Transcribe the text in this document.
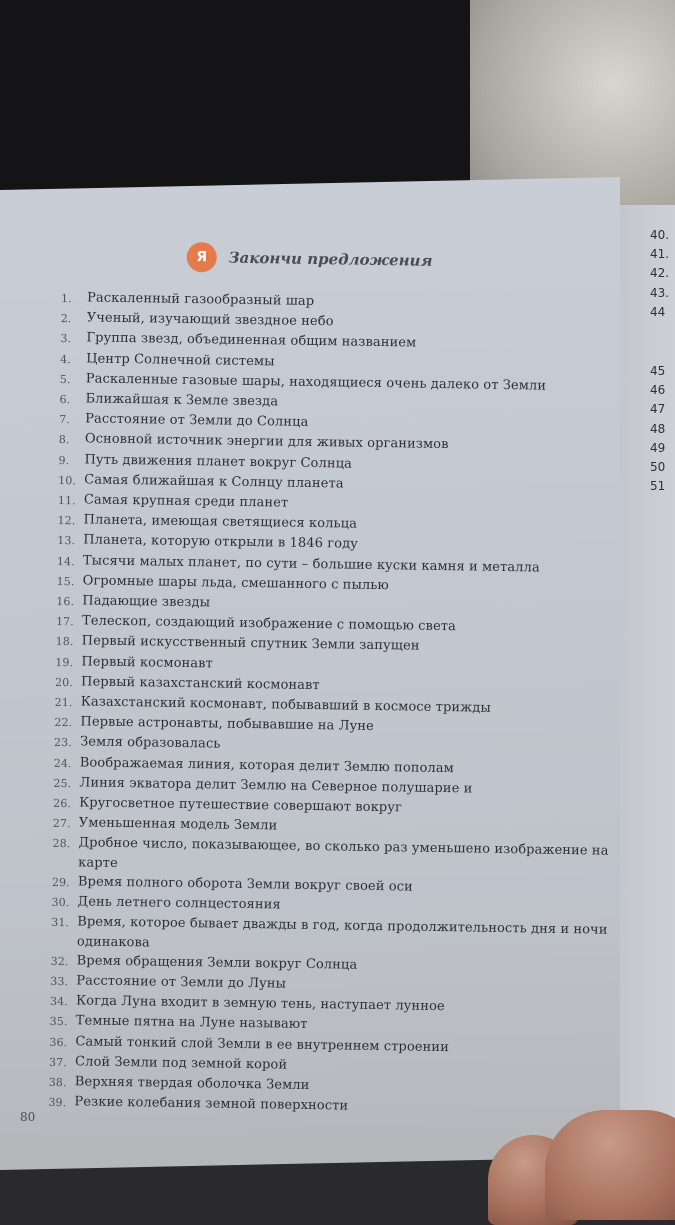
Я	Закончи предложения
1.	Раскаленный газообразный шар
2.	Ученый, изучающий звездное небо
3.	Группа звезд, объединенная общим названием
4.	Центр Солнечной системы
5.	Раскаленные газовые шары, находящиеся очень далеко от Земли
6.	Ближайшая к Земле звезда
7.	Расстояние от Земли до Солнца
8.	Основной источник энергии для живых организмов
9.	Путь движения планет вокруг Солнца
10. Самая ближайшая к Солнцу планета
11. Самая крупная среди планет
12. Планета, имеющая светящиеся кольца
13. Планета, которую открыли в 1846 году
14. Тысячи малых планет, по сути – большие куски камня и металла
15. Огромные шары льда, смешанного с пылью
16. Падающие звезды
17. Телескоп, создающий изображение с помощью света
18. Первый искусственный спутник Земли запущен
19. Первый космонавт
20. Первый казахстанский космонавт
21. Казахстанский космонавт, побывавший в космосе трижды
22. Первые астронавты, побывавшие на Луне
23. Земля образовалась
24. Воображаемая линия, которая делит Землю пополам
25. Линия экватора делит Землю на Северное полушарие и
26. Кругосветное путешествие совершают вокруг
27. Уменьшенная модель Земли
28. Дробное число, показывающее, во сколько раз уменьшено изображение на карте
29. Время полного оборота Земли вокруг своей оси
30. День летнего солнцестояния
31. Время, которое бывает дважды в год, когда продолжительность дня и ночи одинакова
32. Время обращения Земли вокруг Солнца
33. Расстояние от Земли до Луны
34. Когда Луна входит в земную тень, наступает лунное
35. Темные пятна на Луне называют
36. Самый тонкий слой Земли в ее внутреннем строении
37. Слой Земли под земной корой
38. Верхняя твердая оболочка Земли
39. Резкие колебания земной поверхности
40.
41.
42.
43.
44
45
46
47
48
49
50
51
80
